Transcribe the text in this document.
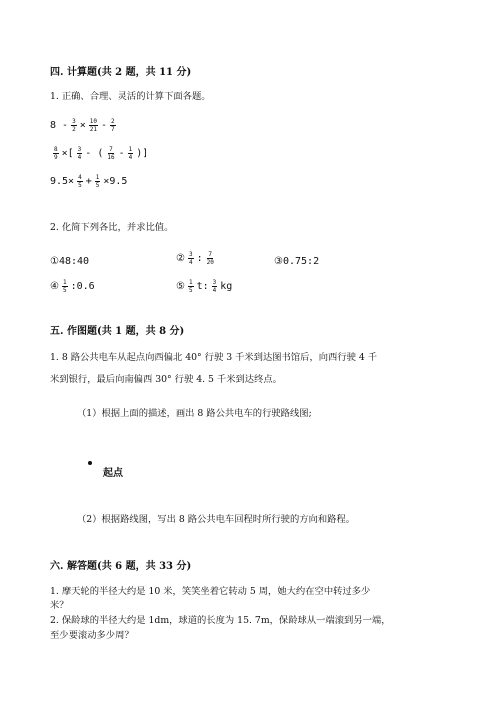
四. 计算题(共 2 题，共 11 分)
1. 正确、合理、灵活的计算下面各题。
$8 - \frac{3}{2} \times \frac{10}{21} - \frac{2}{7}$
$\frac{8}{9}$ ×[ $\frac{3}{4}$ - ( $\frac{7}{16} - \frac{1}{4}$ )]
$9.5\times \frac{4}{5} + \frac{1}{5} \times 9.5$
2. 化简下列各比，并求比值。
①48:40	② $\frac{3}{4}$ : $\frac{7}{20}$	③0.75:2
④ $\frac{1}{5}$ :0.6	⑤ $\frac{1}{5} t$: $\frac{3}{4}$ kg
五. 作图题(共 1 题，共 8 分)
1. 8 路公共电车从起点向西偏北 40° 行驶 3 千米到达图书馆后，向西行驶 4 千
米到银行，最后向南偏西 30° 行驶 4. 5 千米到达终点。
（1）根据上面的描述，画出 8 路公共电车的行驶路线图;
起点
（2）根据路线图，写出 8 路公共电车回程时所行驶的方向和路程。
六. 解答题(共 6 题，共 33 分)
1. 摩天轮的半径大约是 10 米，笑笑坐着它转动 5 周，她大约在空中转过多少
米？
2. 保龄球的半径大约是 1dm，球道的长度为 15. 7m，保龄球从一端滚到另一端，
至少要滚动多少周？
